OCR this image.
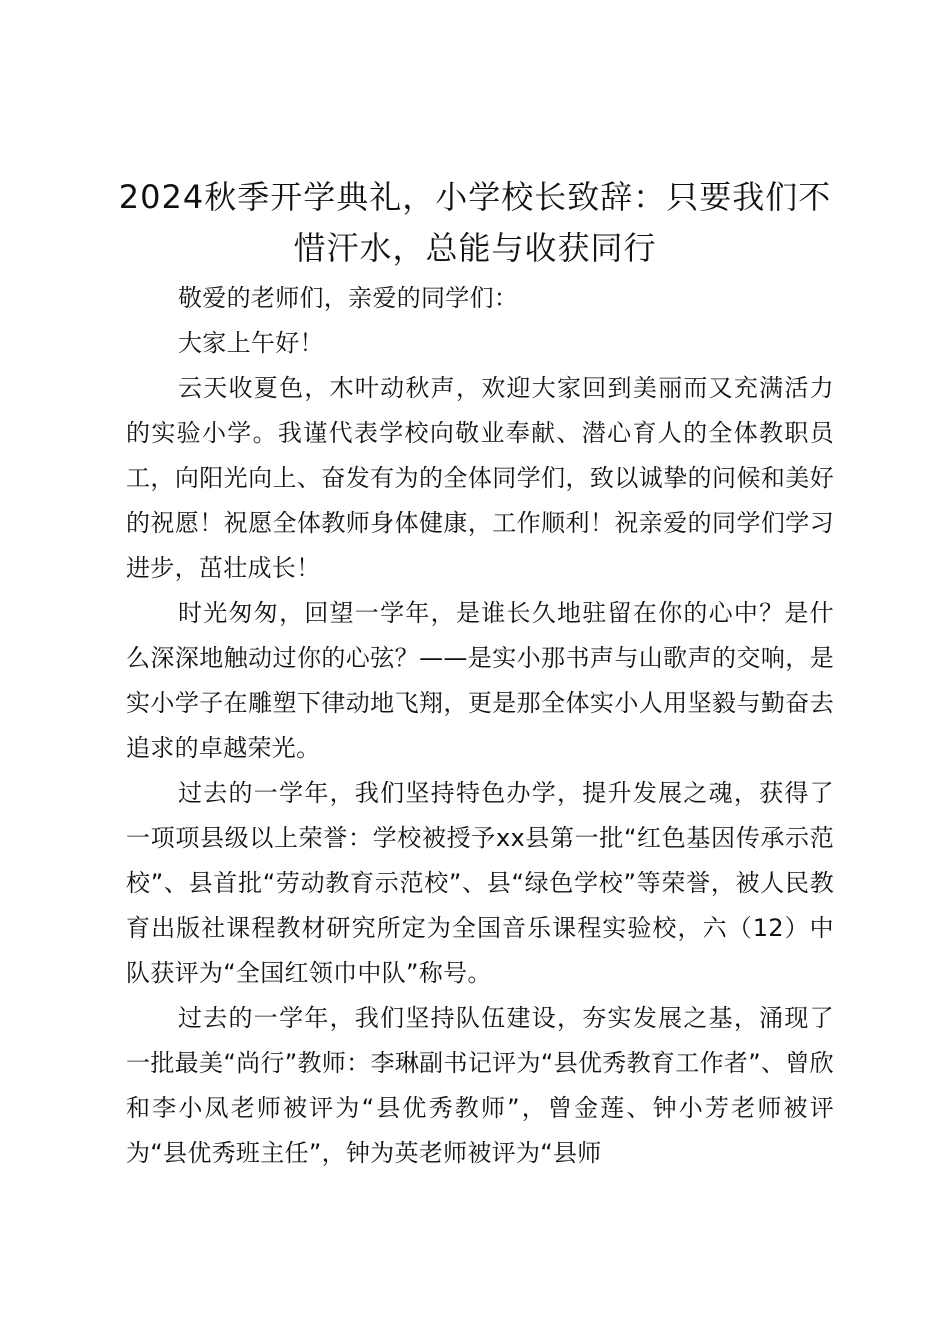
2024秋季开学典礼，小学校长致辞：只要我们不惜汗水，总能与收获同行

敬爱的老师们，亲爱的同学们：

大家上午好！

云天收夏色，木叶动秋声，欢迎大家回到美丽而又充满活力的实验小学。我谨代表学校向敬业奉献、潜心育人的全体教职员工，向阳光向上、奋发有为的全体同学们，致以诚挚的问候和美好的祝愿！祝愿全体教师身体健康，工作顺利！祝亲爱的同学们学习进步，茁壮成长！

时光匆匆，回望一学年，是谁长久地驻留在你的心中？是什么深深地触动过你的心弦？——是实小那书声与山歌声的交响，是实小学子在雕塑下律动地飞翔，更是那全体实小人用坚毅与勤奋去追求的卓越荣光。

过去的一学年，我们坚持特色办学，提升发展之魂，获得了一项项县级以上荣誉：学校被授予xx县第一批“红色基因传承示范校”、县首批“劳动教育示范校”、县“绿色学校”等荣誉，被人民教育出版社课程教材研究所定为全国音乐课程实验校，六（12）中队获评为“全国红领巾中队”称号。

过去的一学年，我们坚持队伍建设，夯实发展之基，涌现了一批最美“尚行”教师：李琳副书记评为“县优秀教育工作者”、曾欣和李小凤老师被评为“县优秀教师”，曾金莲、钟小芳老师被评为“县优秀班主任”，钟为英老师被评为“县师
